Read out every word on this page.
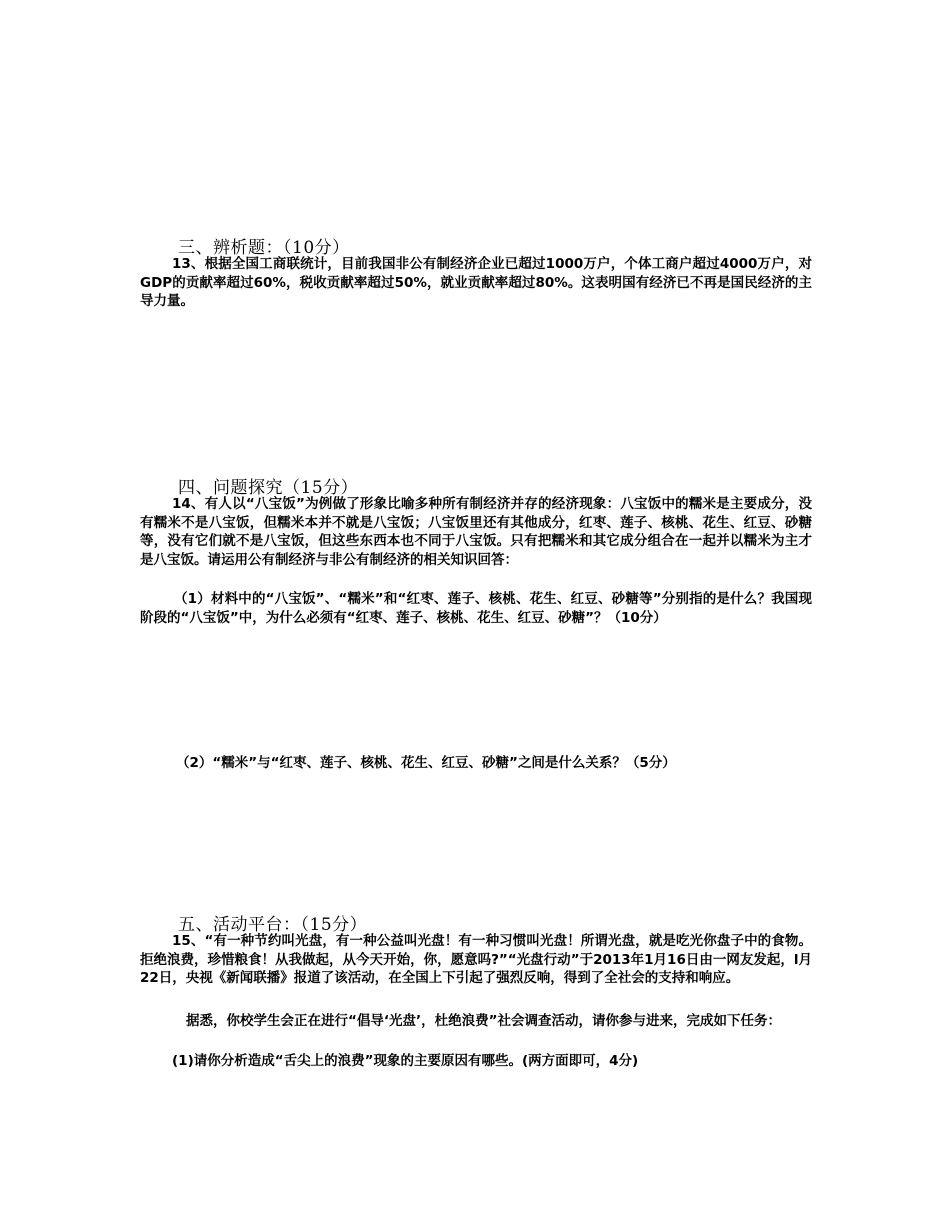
三、辨析题：（10分）

13、根据全国工商联统计，目前我国非公有制经济企业已超过1000万户，个体工商户超过4000万户，对GDP的贡献率超过60%，税收贡献率超过50%，就业贡献率超过80%。这表明国有经济已不再是国民经济的主导力量。

四、问题探究（15分）

14、有人以“八宝饭”为例做了形象比喻多种所有制经济并存的经济现象：八宝饭中的糯米是主要成分，没有糯米不是八宝饭，但糯米本并不就是八宝饭；八宝饭里还有其他成分，红枣、莲子、核桃、花生、红豆、砂糖等，没有它们就不是八宝饭，但这些东西本也不同于八宝饭。只有把糯米和其它成分组合在一起并以糯米为主才是八宝饭。请运用公有制经济与非公有制经济的相关知识回答：

（1）材料中的“八宝饭”、“糯米”和“红枣、莲子、核桃、花生、红豆、砂糖等”分别指的是什么？我国现阶段的“八宝饭”中，为什么必须有“红枣、莲子、核桃、花生、红豆、砂糖”？（10分）

（2）“糯米”与“红枣、莲子、核桃、花生、红豆、砂糖”之间是什么关系？（5分）
五、活动平台：（15分）

15、“有一种节约叫光盘，有一种公益叫光盘！有一种习惯叫光盘！所谓光盘，就是吃光你盘子中的食物。拒绝浪费，珍惜粮食！从我做起，从今天开始，你，愿意吗?”“光盘行动”于2013年1月16日由一网友发起，l月22日，央视《新闻联播》报道了该活动，在全国上下引起了强烈反响，得到了全社会的支持和响应。

据悉，你校学生会正在进行“倡导‘光盘’，杜绝浪费”社会调查活动，请你参与进来，完成如下任务：

(1)请你分析造成“舌尖上的浪费”现象的主要原因有哪些。(两方面即可，4分)
